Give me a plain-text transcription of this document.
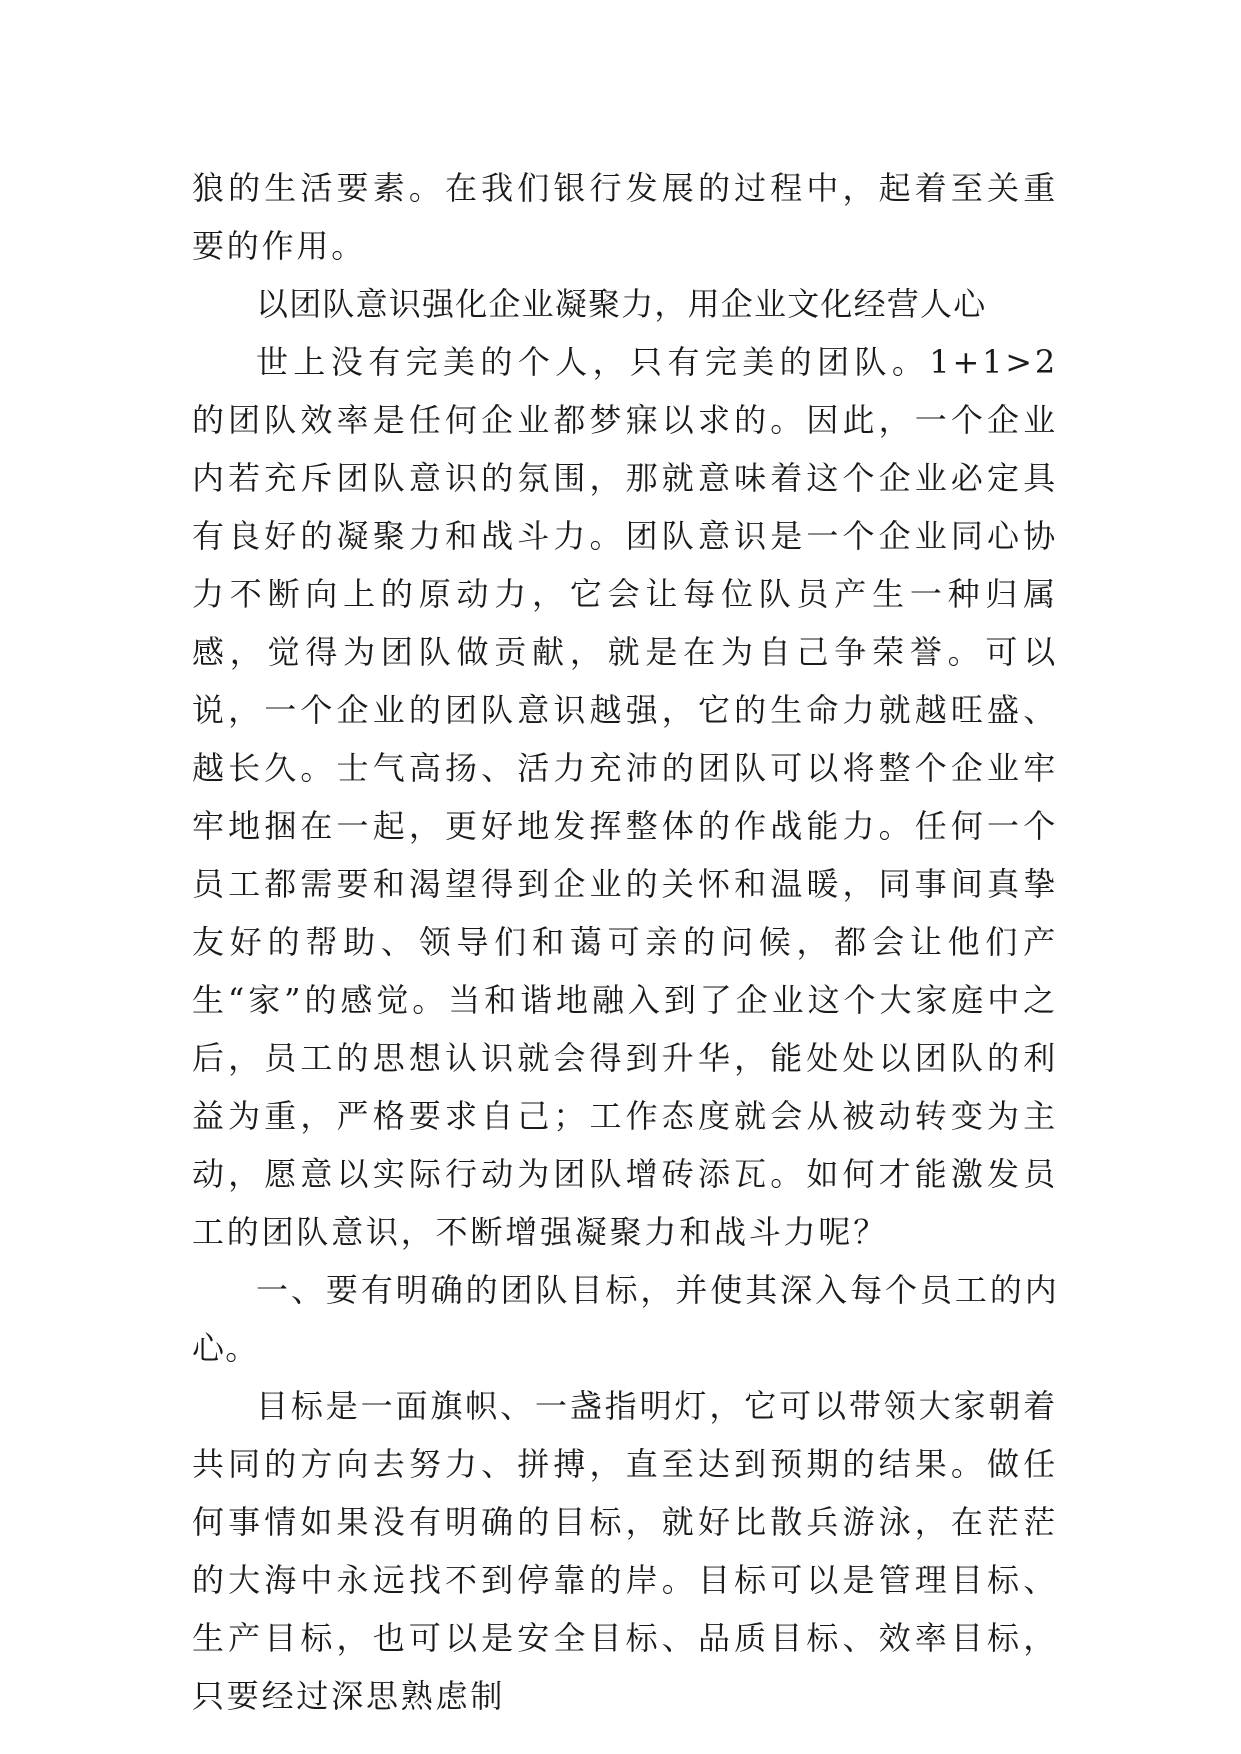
狼的生活要素。在我们银行发展的过程中，起着至关重要的作用。

以团队意识强化企业凝聚力，用企业文化经营人心

世上没有完美的个人，只有完美的团队。1+1>2 的团队效率是任何企业都梦寐以求的。因此，一个企业内若充斥团队意识的氛围，那就意味着这个企业必定具有良好的凝聚力和战斗力。团队意识是一个企业同心协力不断向上的原动力，它会让每位队员产生一种归属感，觉得为团队做贡献，就是在为自己争荣誉。可以说，一个企业的团队意识越强，它的生命力就越旺盛、越长久。士气高扬、活力充沛的团队可以将整个企业牢牢地捆在一起，更好地发挥整体的作战能力。任何一个员工都需要和渴望得到企业的关怀和温暖，同事间真挚友好的帮助、领导们和蔼可亲的问候，都会让他们产生“家”的感觉。当和谐地融入到了企业这个大家庭中之后，员工的思想认识就会得到升华，能处处以团队的利益为重，严格要求自己；工作态度就会从被动转变为主动，愿意以实际行动为团队增砖添瓦。如何才能激发员工的团队意识，不断增强凝聚力和战斗力呢？

一、要有明确的团队目标，并使其深入每个员工的内心。

目标是一面旗帜、一盏指明灯，它可以带领大家朝着共同的方向去努力、拼搏，直至达到预期的结果。做任何事情如果没有明确的目标，就好比散兵游泳，在茫茫的大海中永远找不到停靠的岸。目标可以是管理目标、生产目标，也可以是安全目标、品质目标、效率目标，只要经过深思熟虑制
